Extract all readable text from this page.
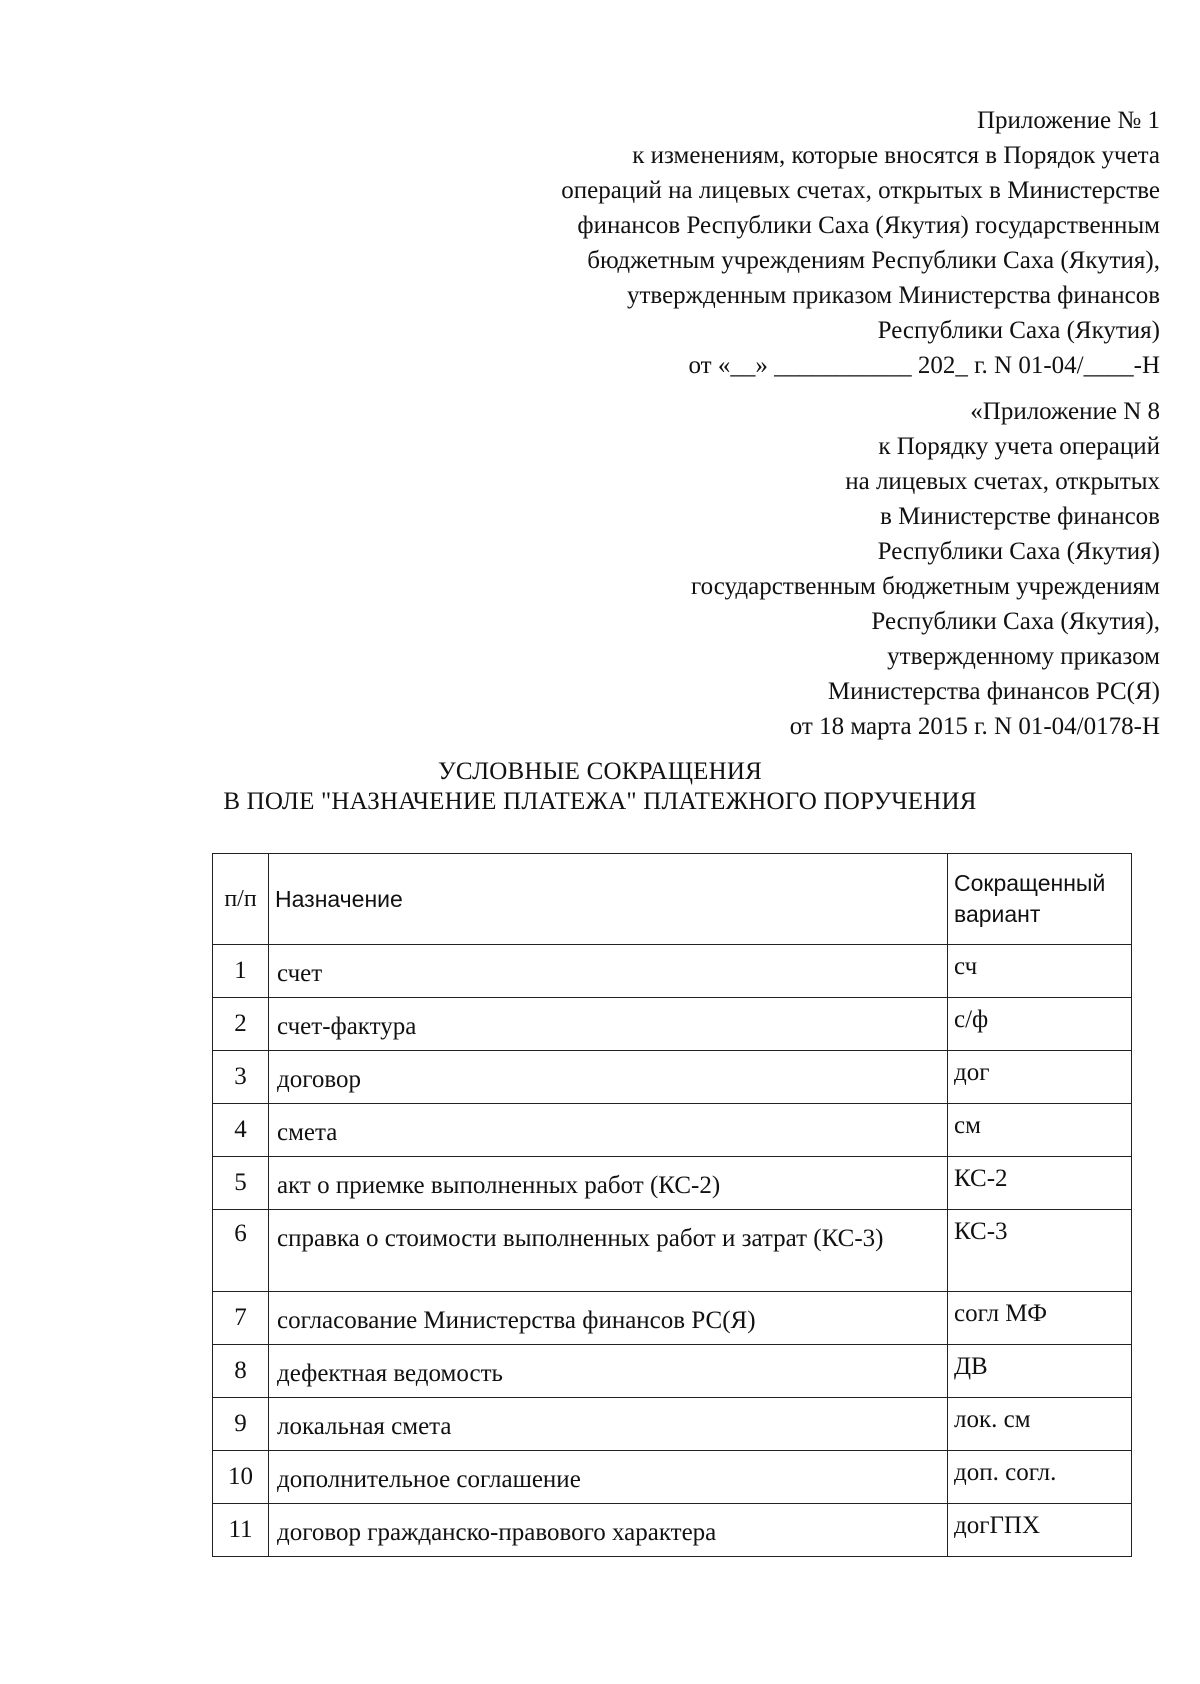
Приложение № 1
к изменениям, которые вносятся в Порядок учета
операций на лицевых счетах, открытых в Министерстве
финансов Республики Саха (Якутия) государственным
бюджетным учреждениям Республики Саха (Якутия),
утвержденным приказом Министерства финансов
Республики Саха (Якутия)
от «__» ___________ 202_ г. N 01-04/____-Н
«Приложение N 8
к Порядку учета операций
на лицевых счетах, открытых
в Министерстве финансов
Республики Саха (Якутия)
государственным бюджетным учреждениям
Республики Саха (Якутия),
утвержденному приказом
Министерства финансов РС(Я)
от 18 марта 2015 г. N 01-04/0178-Н
УСЛОВНЫЕ СОКРАЩЕНИЯ
В ПОЛЕ "НАЗНАЧЕНИЕ ПЛАТЕЖА" ПЛАТЕЖНОГО ПОРУЧЕНИЯ
п/п	Назначение	Сокращенный вариант
1	счет	сч
2	счет-фактура	с/ф
3	договор	дог
4	смета	см
5	акт о приемке выполненных работ (КС-2)	КС-2
6	справка о стоимости выполненных работ и затрат (КС-3)	КС-3
7	согласование Министерства финансов РС(Я)	согл МФ
8	дефектная ведомость	ДВ
9	локальная смета	лок. см
10	дополнительное соглашение	доп. согл.
11	договор гражданско-правового характера	догГПХ
